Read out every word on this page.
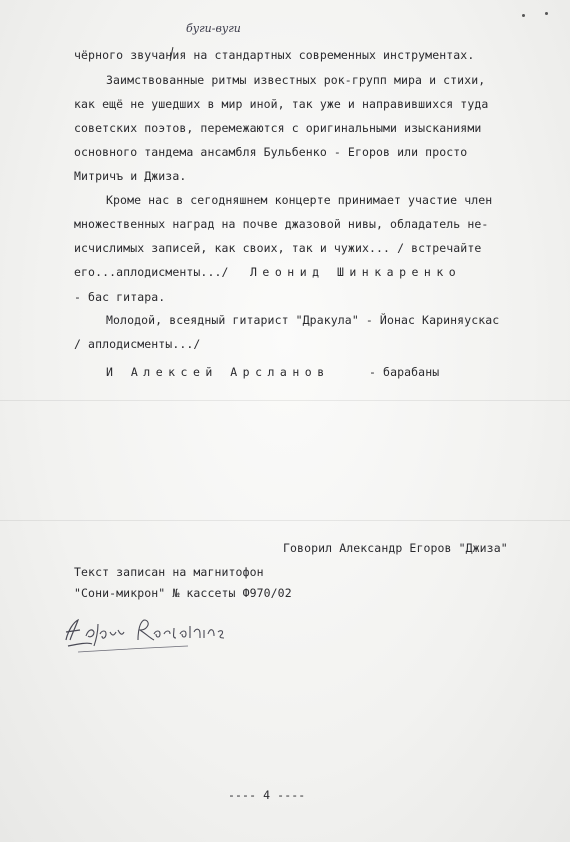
буги-вуги
чёрного звучания на стандартных современных инструментах.
Заимствованные ритмы известных рок-групп мира и стихи,
как ещё не ушедших в мир иной, так уже и направившихся туда
советских поэтов, перемежаются с оригинальными изысканиями
основного тандема ансамбля Бульбенко - Егоров или просто
Митричъ и Джиза.
Кроме нас в сегодняшнем концерте принимает участие член
множественных наград на почве джазовой нивы, обладатель не-
исчислимых записей, как своих, так и чужих... / встречайте
его...аплодисменты.../ Леонид Шинкаренко
- бас гитара.
Молодой, всеядный гитарист "Дракула" - Йонас Кариняускас
/ аплодисменты.../
И Алексей Арсланов	- барабаны
Говорил Александр Егоров "Джиза"
Текст записан на магнитофон
"Сони-микрон" № кассеты Ф970/02
---- 4 ----
